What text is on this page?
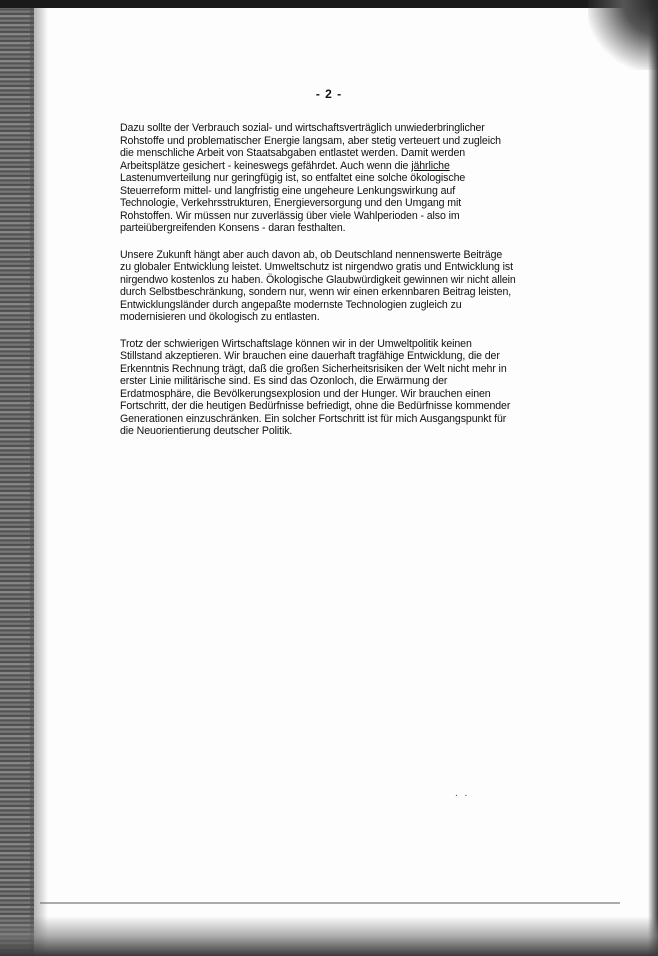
- 2 -

Dazu sollte der Verbrauch sozial- und wirtschaftsverträglich unwiederbringlicher
Rohstoffe und problematischer Energie langsam, aber stetig verteuert und zugleich
die menschliche Arbeit von Staatsabgaben entlastet werden. Damit werden
Arbeitsplätze gesichert - keineswegs gefährdet. Auch wenn die jährliche
Lastenumverteilung nur geringfügig ist, so entfaltet eine solche ökologische
Steuerreform mittel- und langfristig eine ungeheure Lenkungswirkung auf
Technologie, Verkehrsstrukturen, Energieversorgung und den Umgang mit
Rohstoffen. Wir müssen nur zuverlässig über viele Wahlperioden - also im
parteiübergreifenden Konsens - daran festhalten.

Unsere Zukunft hängt aber auch davon ab, ob Deutschland nennenswerte Beiträge
zu globaler Entwicklung leistet. Umweltschutz ist nirgendwo gratis und Entwicklung ist
nirgendwo kostenlos zu haben. Ökologische Glaubwürdigkeit gewinnen wir nicht allein
durch Selbstbeschränkung, sondern nur, wenn wir einen erkennbaren Beitrag leisten,
Entwicklungsländer durch angepaßte modernste Technologien zugleich zu
modernisieren und ökologisch zu entlasten.

Trotz der schwierigen Wirtschaftslage können wir in der Umweltpolitik keinen
Stillstand akzeptieren. Wir brauchen eine dauerhaft tragfähige Entwicklung, die der
Erkenntnis Rechnung trägt, daß die großen Sicherheitsrisiken der Welt nicht mehr in
erster Linie militärische sind. Es sind das Ozonloch, die Erwärmung der
Erdatmosphäre, die Bevölkerungsexplosion und der Hunger. Wir brauchen einen
Fortschritt, der die heutigen Bedürfnisse befriedigt, ohne die Bedürfnisse kommender
Generationen einzuschränken. Ein solcher Fortschritt ist für mich Ausgangspunkt für
die Neuorientierung deutscher Politik.

. .
